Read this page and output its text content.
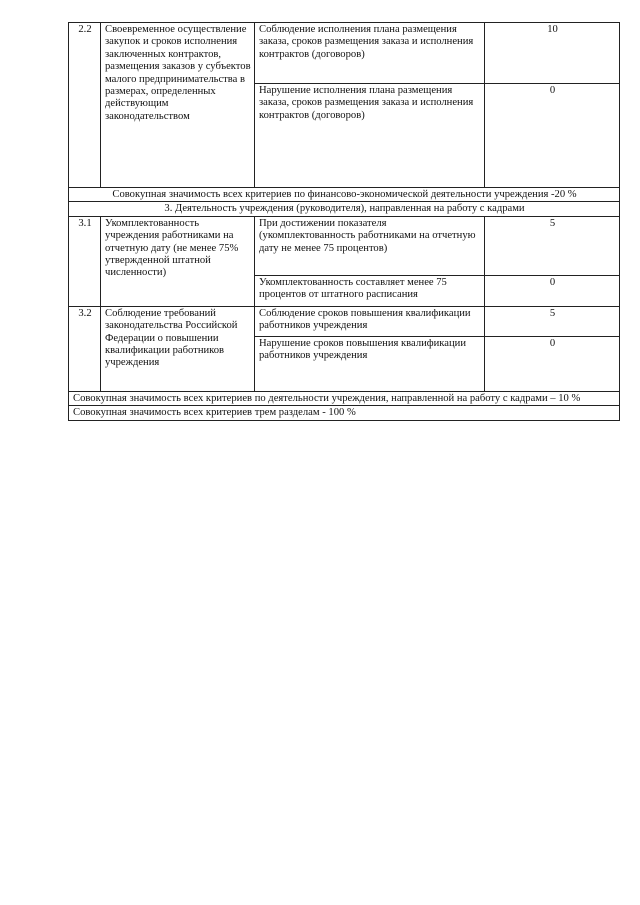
2.2	Своевременное осуществление закупок и сроков исполнения заключенных контрактов, размещения заказов у субъектов малого предпринимательства в размерах, определенных действующим законодательством	Соблюдение исполнения плана размещения заказа, сроков размещения заказа и исполнения контрактов (договоров)	10
		Нарушение исполнения плана размещения заказа, сроков размещения заказа и исполнения контрактов (договоров)	0
Совокупная значимость всех критериев по финансово-экономической деятельности учреждения -20 %			
3. Деятельность учреждения (руководителя), направленная на работу с кадрами			
3.1	Укомплектованность учреждения работниками на отчетную дату (не менее 75% утвержденной штатной численности)	При достижении показателя (укомплектованность работниками на отчетную дату не менее 75 процентов)	5
		Укомплектованность составляет менее 75 процентов от штатного расписания	0
3.2	Соблюдение требований законодательства Российской Федерации о повышении квалификации работников учреждения	Соблюдение сроков повышения квалификации работников учреждения	5
		Нарушение сроков повышения квалификации работников учреждения	0
Совокупная значимость всех критериев по деятельности учреждения, направленной на работу с кадрами – 10 %			
Совокупная значимость всех критериев трем разделам - 100 %			
